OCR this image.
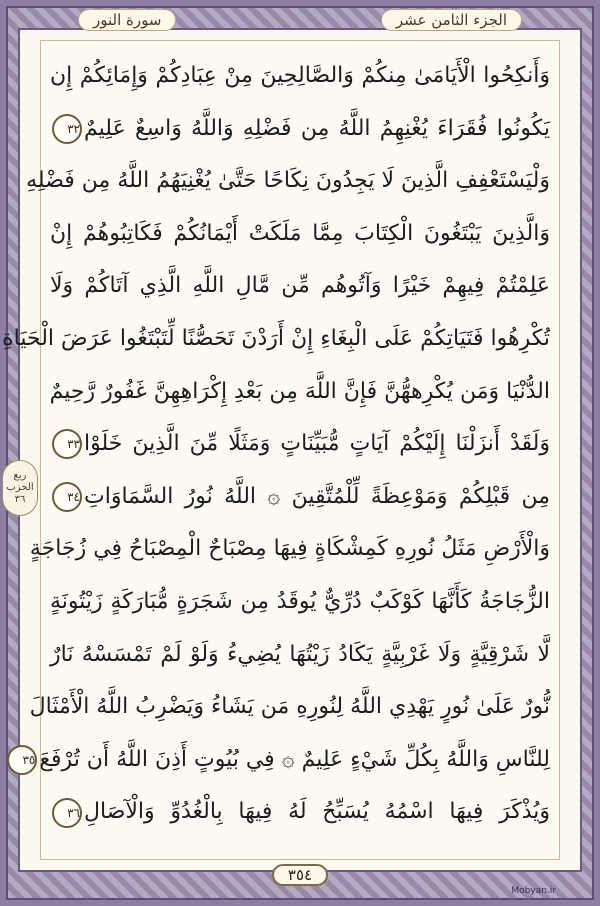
سورة النور	الجزء الثامن عشر
ربع
الحزب
٣٦
وَأَنكِحُوا الْأَيَامَىٰ مِنكُمْ وَالصَّالِحِينَ مِنْ عِبَادِكُمْ وَإِمَائِكُمْ إِن
يَكُونُوا فُقَرَاءَ يُغْنِهِمُ اللَّهُ مِن فَضْلِهِ وَاللَّهُ وَاسِعٌ عَلِيمٌ
٣٢
وَلْيَسْتَعْفِفِ الَّذِينَ لَا يَجِدُونَ نِكَاحًا حَتَّىٰ يُغْنِيَهُمُ اللَّهُ مِن فَضْلِهِ
وَالَّذِينَ يَبْتَغُونَ الْكِتَابَ مِمَّا مَلَكَتْ أَيْمَانُكُمْ فَكَاتِبُوهُمْ إِنْ
عَلِمْتُمْ فِيهِمْ خَيْرًا وَآتُوهُم مِّن مَّالِ اللَّهِ الَّذِي آتَاكُمْ وَلَا
تُكْرِهُوا فَتَيَاتِكُمْ عَلَى الْبِغَاءِ إِنْ أَرَدْنَ تَحَصُّنًا لِّتَبْتَغُوا عَرَضَ الْحَيَاةِ
الدُّنْيَا وَمَن يُكْرِههُّنَّ فَإِنَّ اللَّهَ مِن بَعْدِ إِكْرَاهِهِنَّ غَفُورٌ رَّحِيمٌ
وَلَقَدْ أَنزَلْنَا إِلَيْكُمْ آيَاتٍ مُّبَيِّنَاتٍ وَمَثَلًا مِّنَ الَّذِينَ خَلَوْا
٣٣
مِن قَبْلِكُمْ وَمَوْعِظَةً لِّلْمُتَّقِينَ ۞ اللَّهُ نُورُ السَّمَاوَاتِ
٣٤
وَالْأَرْضِ مَثَلُ نُورِهِ كَمِشْكَاةٍ فِيهَا مِصْبَاحٌ الْمِصْبَاحُ فِي زُجَاجَةٍ
الزُّجَاجَةُ كَأَنَّهَا كَوْكَبٌ دُرِّيٌّ يُوقَدُ مِن شَجَرَةٍ مُّبَارَكَةٍ زَيْتُونَةٍ
لَّا شَرْقِيَّةٍ وَلَا غَرْبِيَّةٍ يَكَادُ زَيْتُهَا يُضِيءُ وَلَوْ لَمْ تَمْسَسْهُ نَارٌ
نُّورٌ عَلَىٰ نُورٍ يَهْدِي اللَّهُ لِنُورِهِ مَن يَشَاءُ وَيَضْرِبُ اللَّهُ الْأَمْثَالَ
لِلنَّاسِ وَاللَّهُ بِكُلِّ شَيْءٍ عَلِيمٌ ۞ فِي بُيُوتٍ أَذِنَ اللَّهُ أَن تُرْفَعَ
٣٥
وَيُذْكَرَ فِيهَا اسْمُهُ يُسَبِّحُ لَهُ فِيهَا بِالْغُدُوِّ وَالْآصَالِ
٣٦
٣٥٤
Mobyan.ir
